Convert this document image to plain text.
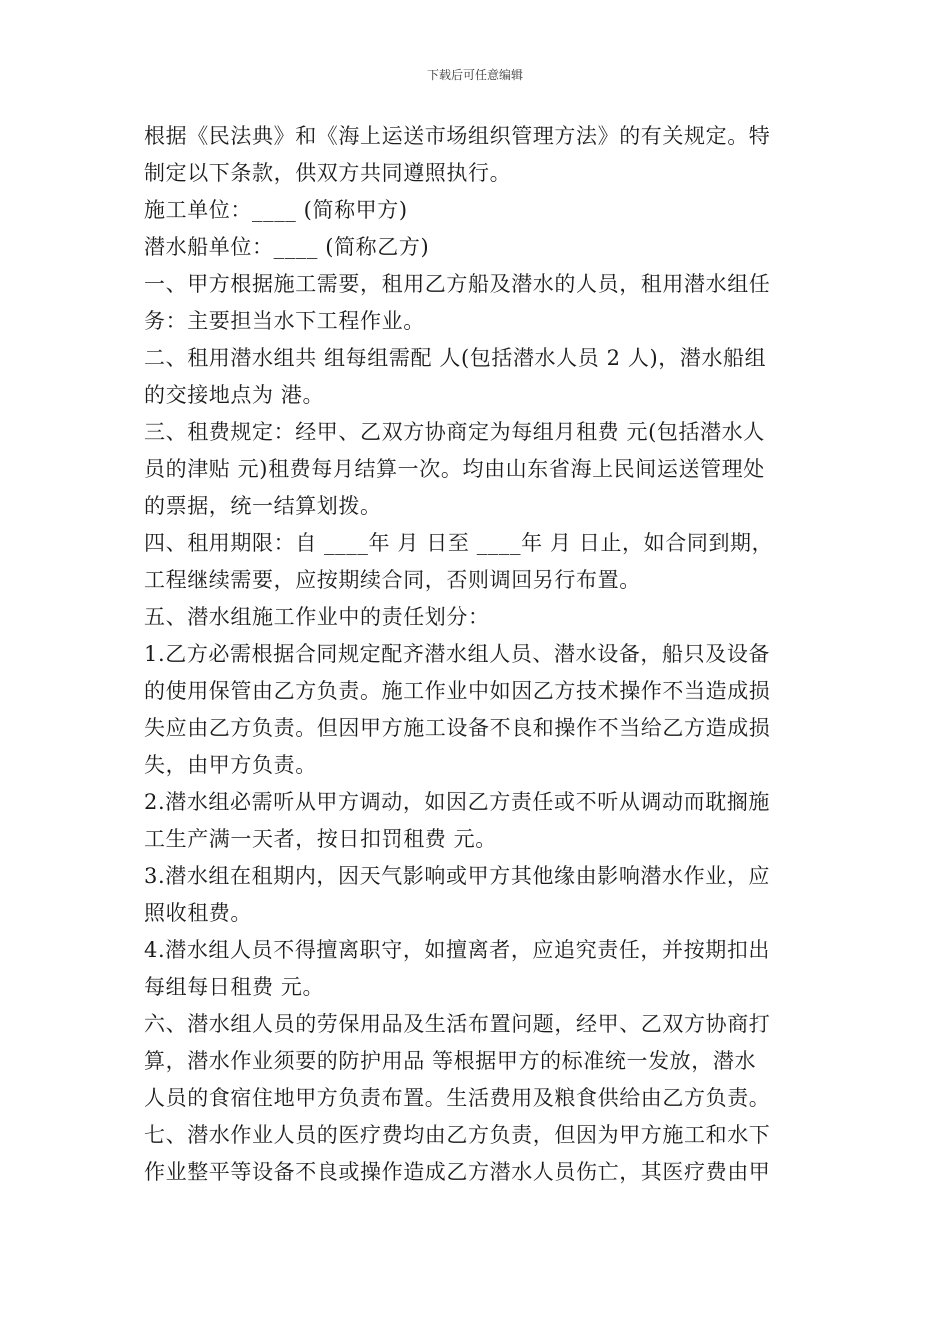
下载后可任意编辑
根据《民法典》和《海上运送市场组织管理方法》的有关规定。特
制定以下条款，供双方共同遵照执行。
施工单位：____ (简称甲方)
潜水船单位：____ (简称乙方)
一、甲方根据施工需要，租用乙方船及潜水的人员，租用潜水组任
务：主要担当水下工程作业。
二、租用潜水组共 组每组需配 人(包括潜水人员 2 人)，潜水船组
的交接地点为 港。
三、租费规定：经甲、乙双方协商定为每组月租费 元(包括潜水人
员的津贴 元)租费每月结算一次。均由山东省海上民间运送管理处
的票据，统一结算划拨。
四、租用期限：自 ____年 月 日至 ____年 月 日止，如合同到期，
工程继续需要，应按期续合同，否则调回另行布置。
五、潜水组施工作业中的责任划分：
1.乙方必需根据合同规定配齐潜水组人员、潜水设备，船只及设备
的使用保管由乙方负责。施工作业中如因乙方技术操作不当造成损
失应由乙方负责。但因甲方施工设备不良和操作不当给乙方造成损
失，由甲方负责。
2.潜水组必需听从甲方调动，如因乙方责任或不听从调动而耽搁施
工生产满一天者，按日扣罚租费 元。
3.潜水组在租期内，因天气影响或甲方其他缘由影响潜水作业，应
照收租费。
4.潜水组人员不得擅离职守，如擅离者，应追究责任，并按期扣出
每组每日租费 元。
六、潜水组人员的劳保用品及生活布置问题，经甲、乙双方协商打
算，潜水作业须要的防护用品 等根据甲方的标准统一发放，潜水
人员的食宿住地甲方负责布置。生活费用及粮食供给由乙方负责。
七、潜水作业人员的医疗费均由乙方负责，但因为甲方施工和水下
作业整平等设备不良或操作造成乙方潜水人员伤亡，其医疗费由甲
